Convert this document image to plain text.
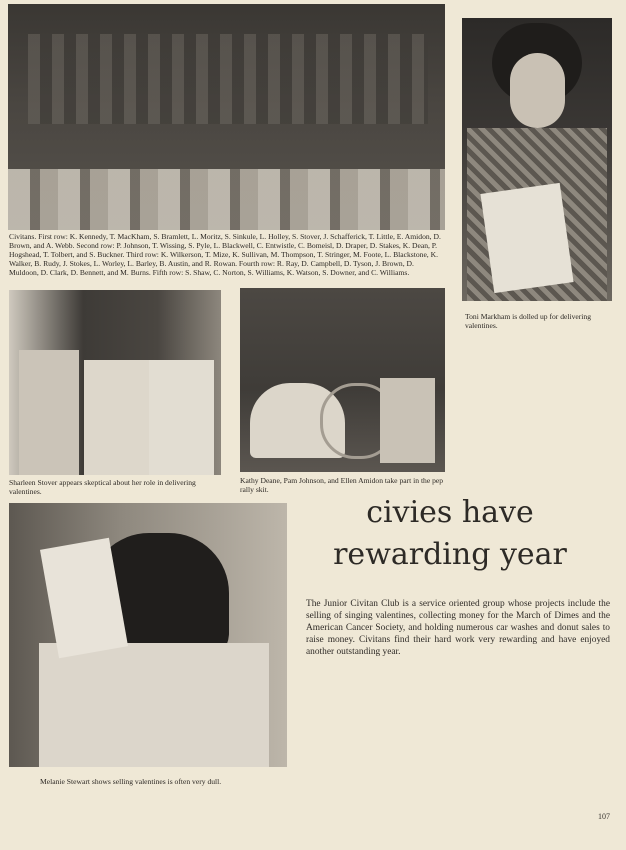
Civitans. First row: K. Kennedy, T. MacKham, S. Bramlett, L. Moritz, S. Sinkule, L. Holley, S. Stover, J. Schafferick, T. Little, E. Amidon, D. Brown, and A. Webb. Second row: P. Johnson, T. Wissing, S. Pyle, L. Blackwell, C. Entwistle, C. Bomeisl, D. Draper, D. Stakes, K. Dean, P. Hogshead, T. Tolbert, and S. Buckner. Third row: K. Wilkerson, T. Mize, K. Sullivan, M. Thompson, T. Stringer, M. Foote, L. Blackstone, K. Walker, B. Rudy, J. Stokes, L. Worley, L. Barley, B. Austin, and R. Rowan. Fourth row: R. Ray, D. Campbell, D. Tyson, J. Brown, D. Muldoon, D. Clark, D. Bennett, and M. Burns. Fifth row: S. Shaw, C. Norton, S. Williams, K. Watson, S. Downer, and C. Williams.

Toni Markham is dolled up for delivering valentines.

Sharleen Stover appears skeptical about her role in delivering valentines.

Kathy Deane, Pam Johnson, and Ellen Amidon take part in the pep rally skit.

Melanie Stewart shows selling valentines is often very dull.

civies have
rewarding year

The Junior Civitan Club is a service oriented group whose projects include the selling of singing valentines, collecting money for the March of Dimes and the American Cancer Society, and holding numerous car washes and donut sales to raise money. Civitans find their hard work very rewarding and have enjoyed another outstanding year.

107
